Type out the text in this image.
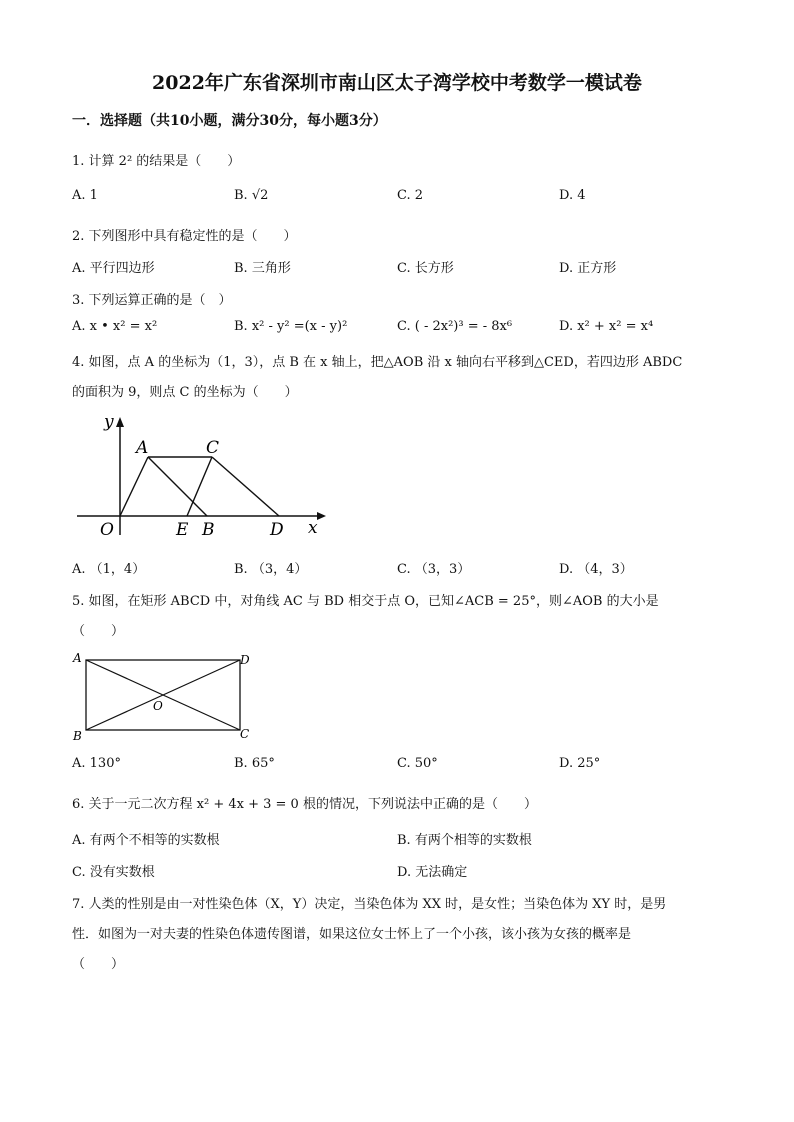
2022年广东省深圳市南山区太子湾学校中考数学一模试卷
一．选择题（共10小题，满分30分，每小题3分）
1. 计算 2² 的结果是（　　）
A. 1	B. √2	C. 2	D. 4
2. 下列图形中具有稳定性的是（　　）
A. 平行四边形	B. 三角形	C. 长方形	D. 正方形
3. 下列运算正确的是（　）
A. x • x² = x²	B. x² - y² =(x - y)²	C. ( - 2x²)³ = - 8x⁶	D. x² + x² = x⁴
4. 如图，点 A 的坐标为（1，3），点 B 在 x 轴上，把△AOB 沿 x 轴向右平移到△CED，若四边形 ABDC
的面积为 9，则点 C 的坐标为（　　）
y
x
A	C
O	E B	D
A. （1，4）	B. （3，4）	C. （3，3）	D. （4，3）
5. 如图，在矩形 ABCD 中，对角线 AC 与 BD 相交于点 O，已知∠ACB = 25°，则∠AOB 的大小是
（　　）
A	D
O
B	C
A. 130°	B. 65°	C. 50°	D. 25°
6. 关于一元二次方程 x² + 4x + 3 = 0 根的情况，下列说法中正确的是（　　）
A. 有两个不相等的实数根	B. 有两个相等的实数根
C. 没有实数根	D. 无法确定
7. 人类的性别是由一对性染色体（X，Y）决定，当染色体为 XX 时，是女性；当染色体为 XY 时，是男
性．如图为一对夫妻的性染色体遗传图谱，如果这位女士怀上了一个小孩，该小孩为女孩的概率是
（　　）
